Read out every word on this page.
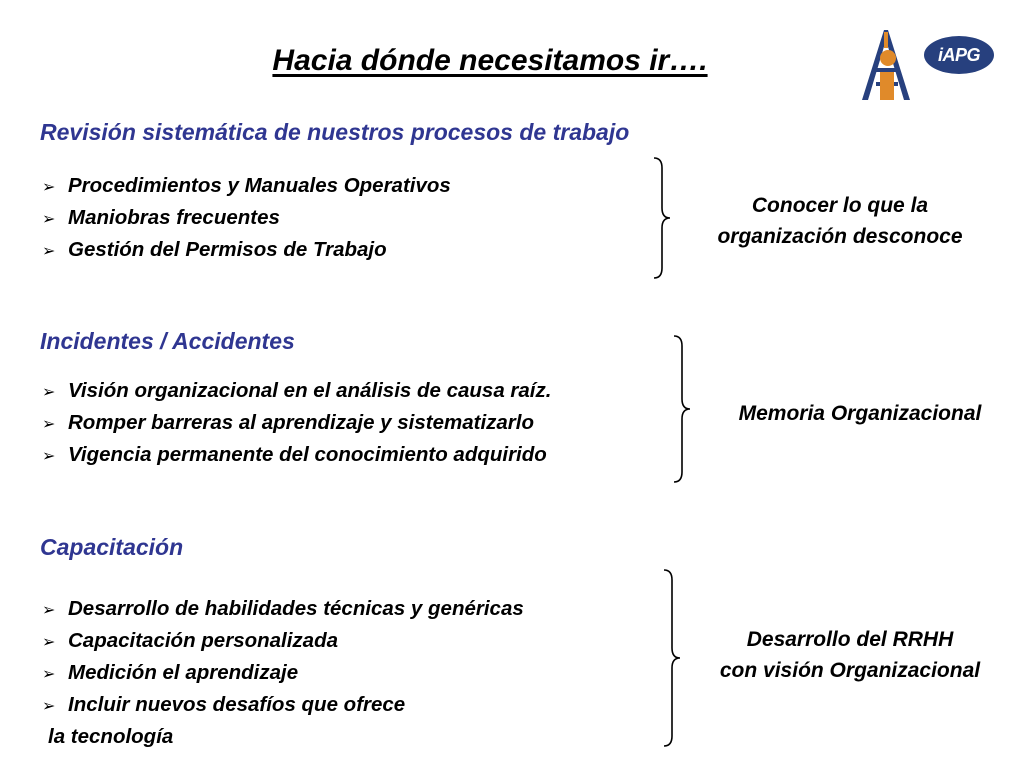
Hacia dónde necesitamos ir….	iAPG
Revisión sistemática de nuestros procesos de trabajo
➢ Procedimientos y Manuales Operativos
➢ Maniobras frecuentes
➢ Gestión del Permisos de Trabajo
Conocer lo que la
organización desconoce
Incidentes / Accidentes
➢ Visión organizacional en el análisis de causa raíz.
➢ Romper barreras al aprendizaje y sistematizarlo
➢ Vigencia permanente del conocimiento adquirido
Memoria Organizacional
Capacitación
➢ Desarrollo de habilidades técnicas y genéricas
➢ Capacitación personalizada
➢ Medición el aprendizaje
➢ Incluir nuevos desafíos que ofrece
la tecnología
Desarrollo del RRHH
con visión Organizacional
